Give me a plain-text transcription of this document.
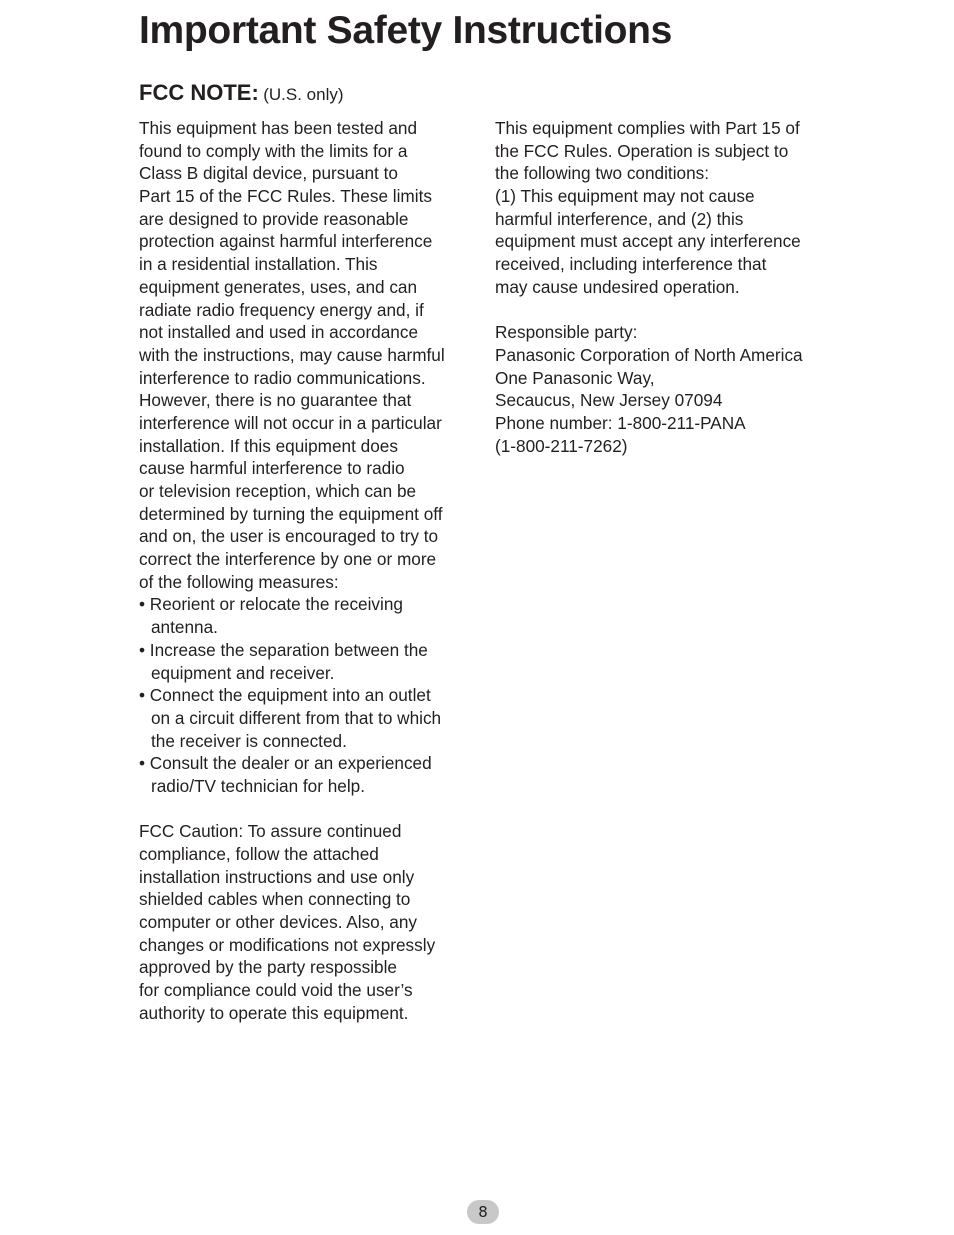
Important Safety Instructions
FCC NOTE: (U.S. only)
This equipment has been tested and
found to comply with the limits for a
Class B digital device, pursuant to
Part 15 of the FCC Rules. These limits
are designed to provide reasonable
protection against harmful interference
in a residential installation. This
equipment generates, uses, and can
radiate radio frequency energy and, if
not installed and used in accordance
with the instructions, may cause harmful
interference to radio communications.
However, there is no guarantee that
interference will not occur in a particular
installation. If this equipment does
cause harmful interference to radio
or television reception, which can be
determined by turning the equipment off
and on, the user is encouraged to try to
correct the interference by one or more
of the following measures:
• Reorient or relocate the receiving
antenna.
• Increase the separation between the
equipment and receiver.
• Connect the equipment into an outlet
on a circuit different from that to which
the receiver is connected.
• Consult the dealer or an experienced
radio/TV technician for help.
FCC Caution: To assure continued
compliance, follow the attached
installation instructions and use only
shielded cables when connecting to
computer or other devices. Also, any
changes or modifications not expressly
approved by the party respossible
for compliance could void the user’s
authority to operate this equipment.
This equipment complies with Part 15 of
the FCC Rules. Operation is subject to
the following two conditions:
(1) This equipment may not cause
harmful interference, and (2) this
equipment must accept any interference
received, including interference that
may cause undesired operation.
Responsible party:
Panasonic Corporation of North America
One Panasonic Way,
Secaucus, New Jersey 07094
Phone number: 1-800-211-PANA
(1-800-211-7262)
8
